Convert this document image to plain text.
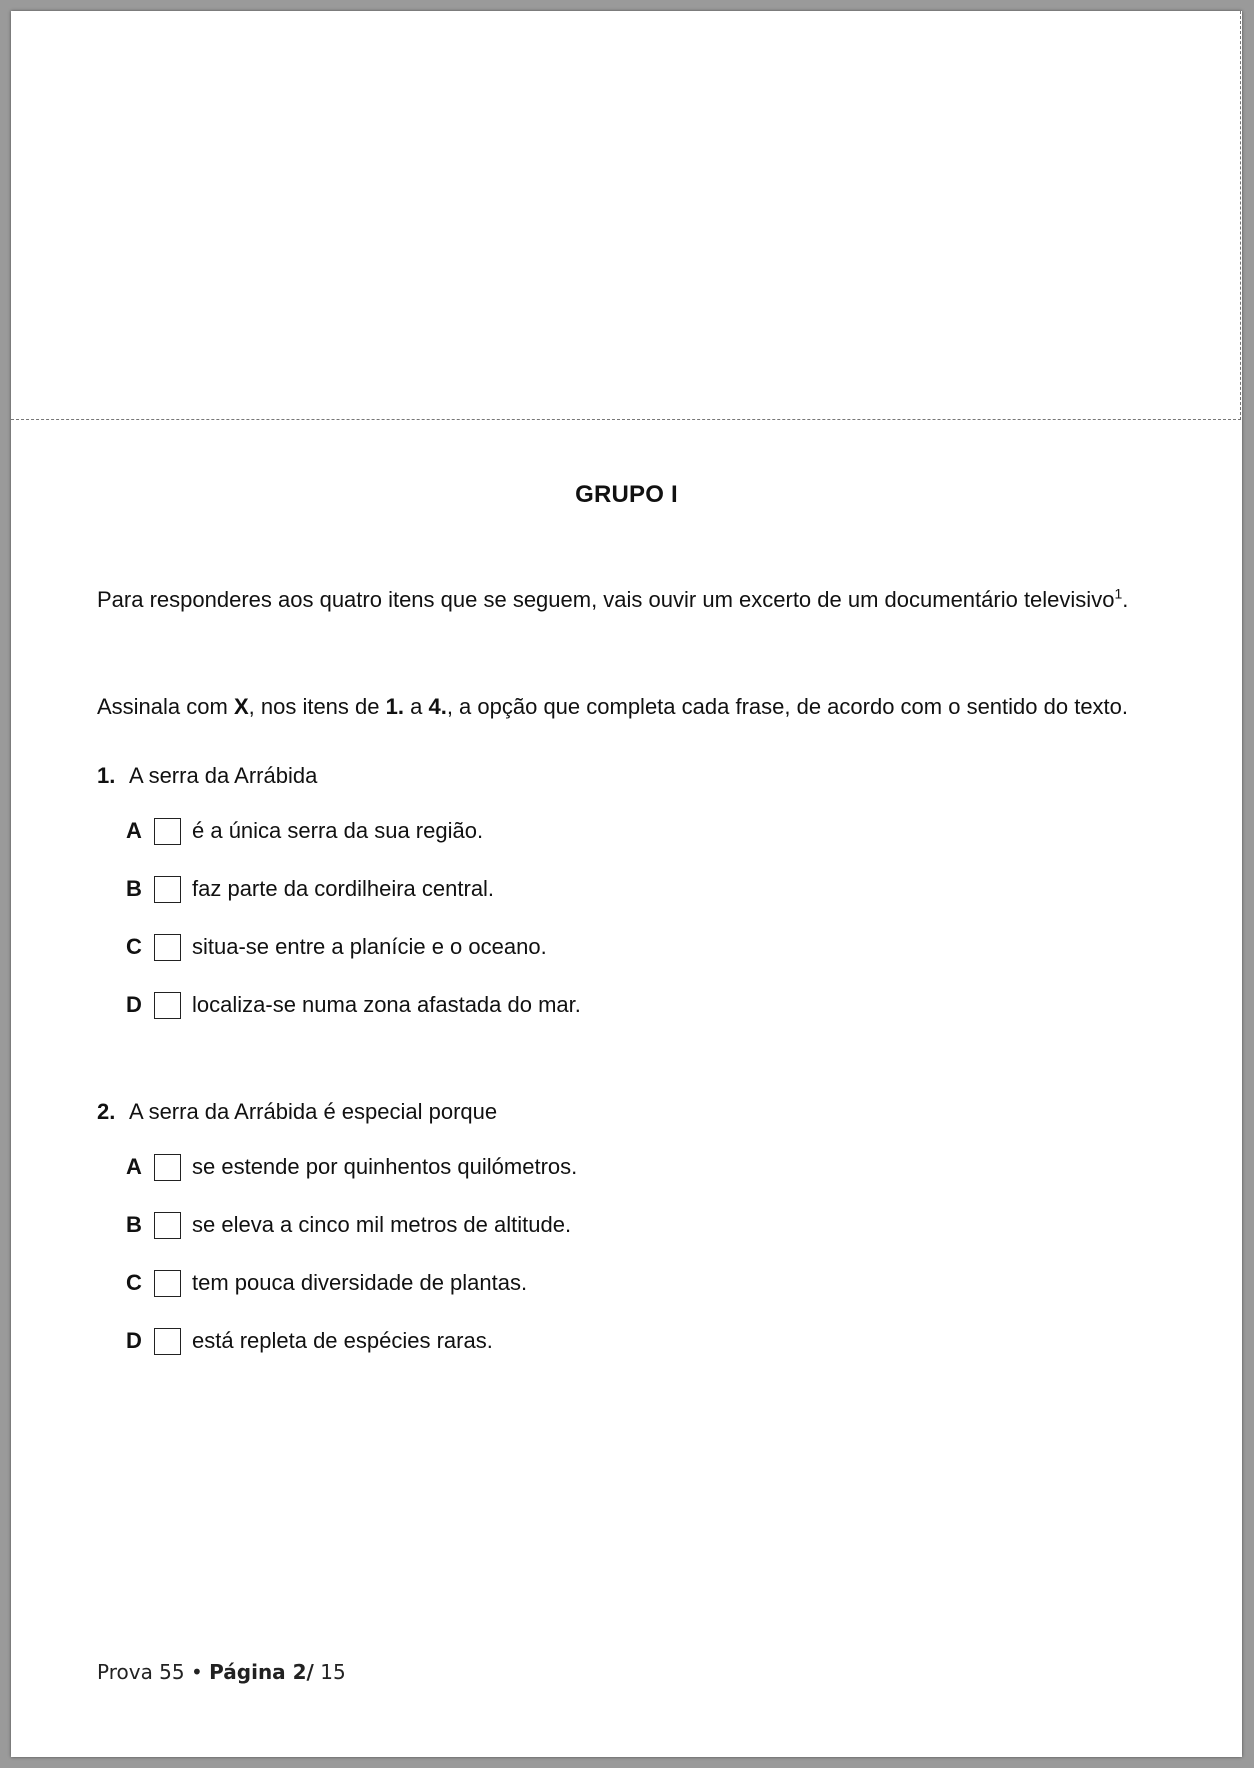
GRUPO I
Para responderes aos quatro itens que se seguem, vais ouvir um excerto de um documentário televisivo$^1$.
Assinala com X, nos itens de 1. a 4., a opção que completa cada frase, de acordo com o sentido do texto.
1. A serra da Arrábida
A	é a única serra da sua região.
B	faz parte da cordilheira central.
C	situa-se entre a planície e o oceano.
D	localiza-se numa zona afastada do mar.
2. A serra da Arrábida é especial porque
A	se estende por quinhentos quilómetros.
B	se eleva a cinco mil metros de altitude.
C	tem pouca diversidade de plantas.
D	está repleta de espécies raras.
Prova 55 • Página 2/ 15
